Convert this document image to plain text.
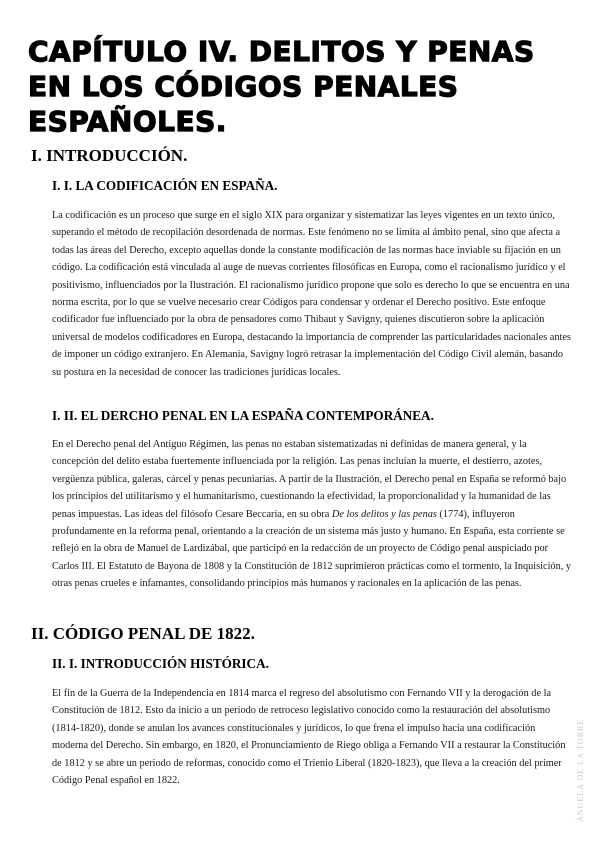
CAPÍTULO IV. DELITOS Y PENAS EN LOS CÓDIGOS PENALES ESPAÑOLES.
I. INTRODUCCIÓN.
I. I. LA CODIFICACIÓN EN ESPAÑA.

La codificación es un proceso que surge en el siglo XIX para organizar y sistematizar las leyes vigentes en un texto único, superando el método de recopilación desordenada de normas. Este fenómeno no se limita al ámbito penal, sino que afecta a todas las áreas del Derecho, excepto aquellas donde la constante modificación de las normas hace inviable su fijación en un código. La codificación está vinculada al auge de nuevas corrientes filosóficas en Europa, como el racionalismo jurídico y el positivismo, influenciados por la Ilustración. El racionalismo jurídico propone que solo es derecho lo que se encuentra en una norma escrita, por lo que se vuelve necesario crear Códigos para condensar y ordenar el Derecho positivo. Este enfoque codificador fue influenciado por la obra de pensadores como Thibaut y Savigny, quienes discutieron sobre la aplicación universal de modelos codificadores en Europa, destacando la importancia de comprender las particularidades nacionales antes de imponer un código extranjero. En Alemania, Savigny logró retrasar la implementación del Código Civil alemán, basando su postura en la necesidad de conocer las tradiciones jurídicas locales.

I. II. EL DERCHO PENAL EN LA ESPAÑA CONTEMPORÁNEA.

En el Derecho penal del Antiguo Régimen, las penas no estaban sistematizadas ni definidas de manera general, y la concepción del delito estaba fuertemente influenciada por la religión. Las penas incluían la muerte, el destierro, azotes, vergüenza pública, galeras, cárcel y penas pecuniarias. A partir de la Ilustración, el Derecho penal en España se reformó bajo los principios del utilitarismo y el humanitarismo, cuestionando la efectividad, la proporcionalidad y la humanidad de las penas impuestas. Las ideas del filósofo Cesare Beccaria, en su obra De los delitos y las penas (1774), influyeron profundamente en la reforma penal, orientando a la creación de un sistema más justo y humano. En España, esta corriente se reflejó en la obra de Manuel de Lardizábal, que participó en la redacción de un proyecto de Código penal auspiciado por Carlos III. El Estatuto de Bayona de 1808 y la Constitución de 1812 suprimieron prácticas como el tormento, la Inquisición, y otras penas crueles e infamantes, consolidando principios más humanos y racionales en la aplicación de las penas.

II. CÓDIGO PENAL DE 1822.
II. I. INTRODUCCIÓN HISTÓRICA.

El fin de la Guerra de la Independencia en 1814 marca el regreso del absolutismo con Fernando VII y la derogación de la Constitución de 1812. Esto da inicio a un período de retroceso legislativo conocido como la restauración del absolutismo (1814-1820), donde se anulan los avances constitucionales y jurídicos, lo que frena el impulso hacia una codificación moderna del Derecho. Sin embargo, en 1820, el Pronunciamiento de Riego obliga a Fernando VII a restaurar la Constitución de 1812 y se abre un periodo de reformas, conocido como el Trienio Liberal (1820-1823), que lleva a la creación del primer Código Penal español en 1822.	ÁNGELA DE LA TORRE
